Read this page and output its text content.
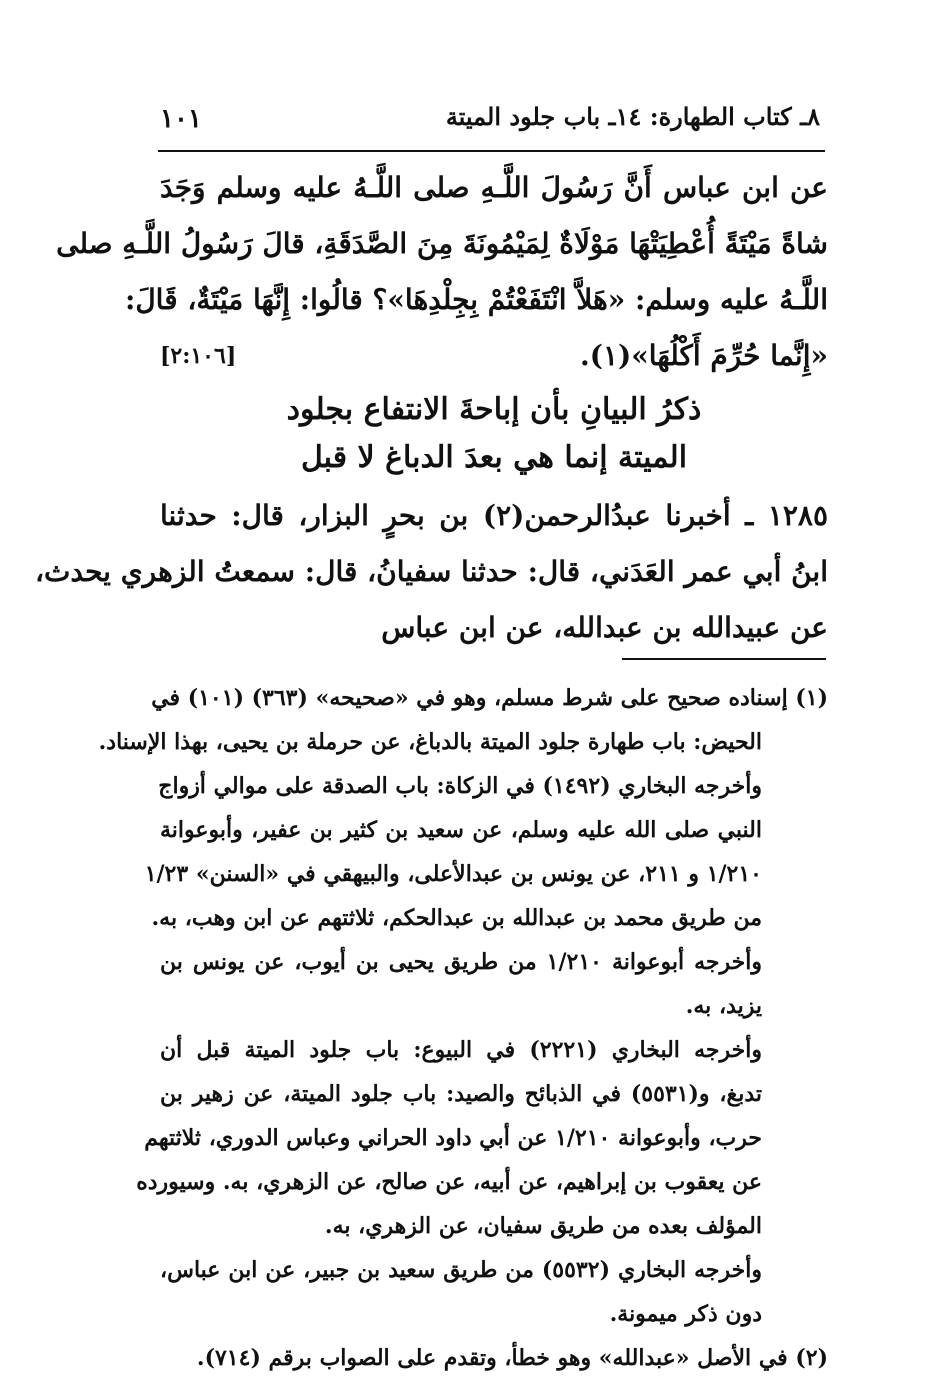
٨ـ كتاب الطهارة: ١٤ـ باب جلود الميتة
١٠١
عن ابن عباس أَنَّ رَسُولَ اللَّـهِ صلى اللَّـهُ عليه وسلم وَجَدَ
شاةً مَيْتَةً أُعْطِيَتْهَا مَوْلَاةٌ لِمَيْمُونَةَ مِنَ الصَّدَقَةِ، قالَ رَسُولُ اللَّـهِ صلى
اللَّـهُ عليه وسلم: «هَلاَّ انْتَفَعْتُمْ بِجِلْدِهَا»؟ قالُوا: إِنَّهَا مَيْتَةٌ، قَالَ:
«إِنَّما حُرِّمَ أَكْلُهَا»(١).
[٢:١٠٦]
ذكرُ البيانِ بأن إباحةَ الانتفاع بجلود
الميتة إنما هي بعدَ الدباغ لا قبل
١٢٨٥ ـ أخبرنا عبدُالرحمن(٢) بن بحرٍ البزار، قال: حدثنا
ابنُ أبي عمر العَدَني، قال: حدثنا سفيانُ، قال: سمعتُ الزهري يحدث،
عن عبيدالله بن عبدالله، عن ابن عباس
(١) إسناده صحيح على شرط مسلم، وهو في «صحيحه» (٣٦٣) (١٠١) في
الحيض: باب طهارة جلود الميتة بالدباغ، عن حرملة بن يحيى، بهذا الإسناد.
وأخرجه البخاري (١٤٩٢) في الزكاة: باب الصدقة على موالي أزواج
النبي صلى الله عليه وسلم، عن سعيد بن كثير بن عفير، وأبوعوانة
١/٢١٠ و ٢١١، عن يونس بن عبدالأعلى، والبيهقي في «السنن» ١/٢٣
من طريق محمد بن عبدالله بن عبدالحكم، ثلاثتهم عن ابن وهب، به.
وأخرجه أبوعوانة ١/٢١٠ من طريق يحيى بن أيوب، عن يونس بن
يزيد، به.
وأخرجه البخاري (٢٢٢١) في البيوع: باب جلود الميتة قبل أن
تدبغ، و(٥٥٣١) في الذبائح والصيد: باب جلود الميتة، عن زهير بن
حرب، وأبوعوانة ١/٢١٠ عن أبي داود الحراني وعباس الدوري، ثلاثتهم
عن يعقوب بن إبراهيم، عن أبيه، عن صالح، عن الزهري، به. وسيورده
المؤلف بعده من طريق سفيان، عن الزهري، به.
وأخرجه البخاري (٥٥٣٢) من طريق سعيد بن جبير، عن ابن عباس،
دون ذكر ميمونة.
(٢) في الأصل «عبدالله» وهو خطأ، وتقدم على الصواب برقم (٧١٤).
